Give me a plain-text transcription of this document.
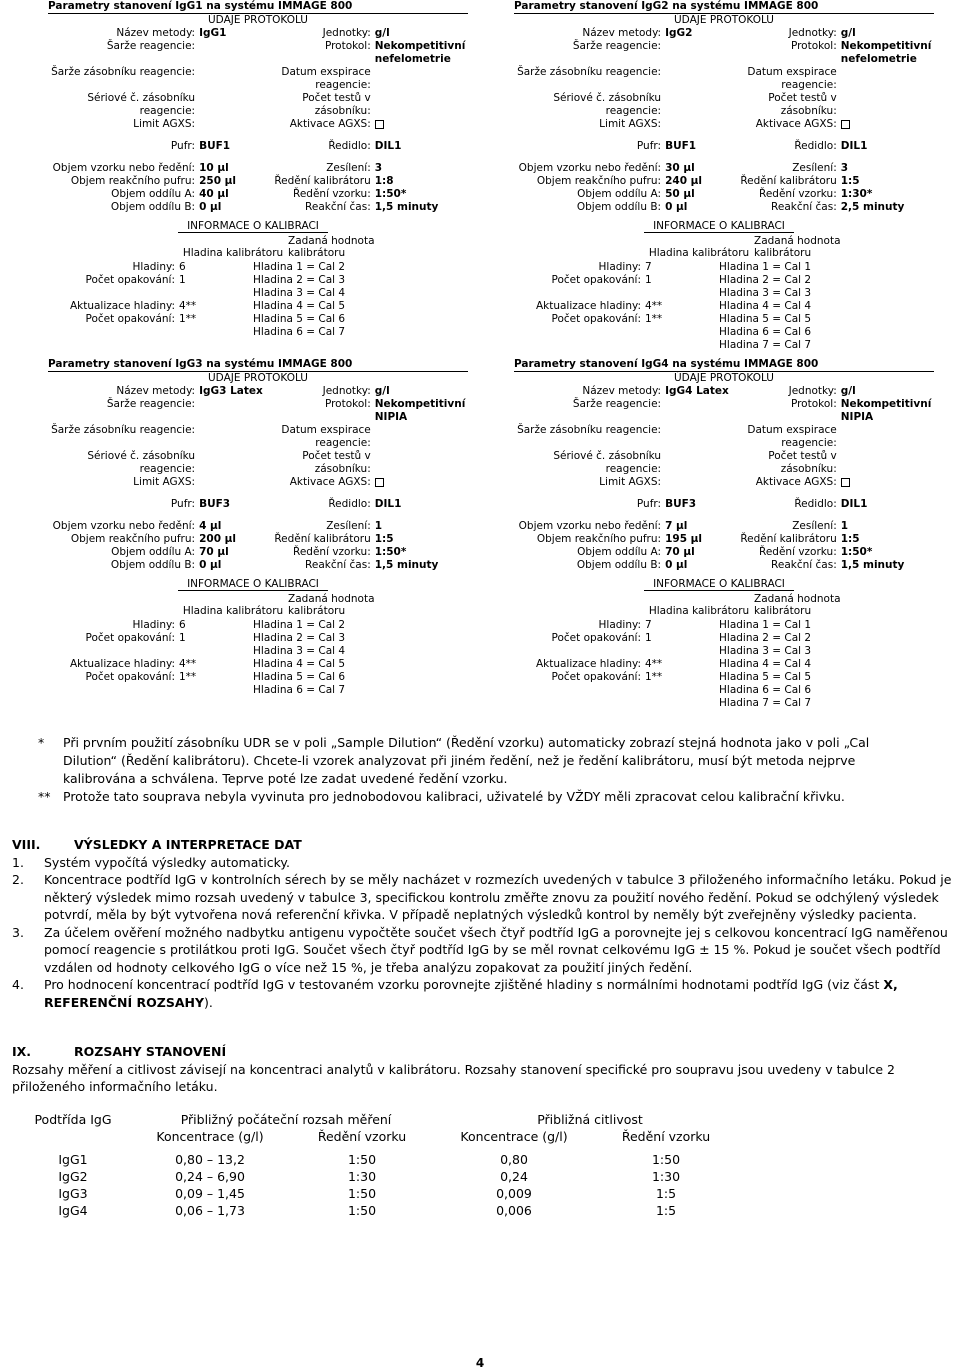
Parametry stanovení IgG1 na systému IMMAGE 800
ÚDAJE PROTOKOLU
Název metody:	IgG1	Jednotky:	g/l
Šarže reagencie:		Protokol:	Nekompetitivní nefelometrie
Šarže zásobníku reagencie:		Datum exspirace reagencie:	
Sériové č. zásobníku reagencie:		Počet testů v zásobníku:	
Limit AGXS:		Aktivace AGXS:	

Pufr:	BUF1	Ředidlo:	DIL1

Objem vzorku nebo ředění:	10 µl	Zesílení:	3
Objem reakčního pufru:	250 µl	Ředění kalibrátoru	1:8
Objem oddílu A:	40 µl	Ředění vzorku:	1:50*
Objem oddílu B:	0 µl	Reakční čas:	1,5 minuty
INFORMACE O KALIBRACI
Hladina kalibrátoru
Zadaná hodnota kalibrátoru
Hladiny:	6	Hladina 1 = Cal 2
Počet opakování:	1	Hladina 2 = Cal 3
		Hladina 3 = Cal 4
Aktualizace hladiny:	4**	Hladina 4 = Cal 5
Počet opakování:	1**	Hladina 5 = Cal 6
		Hladina 6 = Cal 7
Parametry stanovení IgG2 na systému IMMAGE 800
ÚDAJE PROTOKOLU
Název metody:	IgG2	Jednotky:	g/l
Šarže reagencie:		Protokol:	Nekompetitivní nefelometrie
Šarže zásobníku reagencie:		Datum exspirace reagencie:	
Sériové č. zásobníku reagencie:		Počet testů v zásobníku:	
Limit AGXS:		Aktivace AGXS:	

Pufr:	BUF1	Ředidlo:	DIL1

Objem vzorku nebo ředění:	30 µl	Zesílení:	3
Objem reakčního pufru:	240 µl	Ředění kalibrátoru	1:5
Objem oddílu A:	50 µl	Ředění vzorku:	1:30*
Objem oddílu B:	0 µl	Reakční čas:	2,5 minuty
INFORMACE O KALIBRACI
Hladina kalibrátoru
Zadaná hodnota kalibrátoru
Hladiny:	7	Hladina 1 = Cal 1
Počet opakování:	1	Hladina 2 = Cal 2
		Hladina 3 = Cal 3
Aktualizace hladiny:	4**	Hladina 4 = Cal 4
Počet opakování:	1**	Hladina 5 = Cal 5
		Hladina 6 = Cal 6
		Hladina 7 = Cal 7
Parametry stanovení IgG3 na systému IMMAGE 800
ÚDAJE PROTOKOLU
Název metody:	IgG3 Latex	Jednotky:	g/l
Šarže reagencie:		Protokol:	Nekompetitivní NIPIA
Šarže zásobníku reagencie:		Datum exspirace reagencie:	
Sériové č. zásobníku reagencie:		Počet testů v zásobníku:	
Limit AGXS:		Aktivace AGXS:	

Pufr:	BUF3	Ředidlo:	DIL1

Objem vzorku nebo ředění:	4 µl	Zesílení:	1
Objem reakčního pufru:	200 µl	Ředění kalibrátoru	1:5
Objem oddílu A:	70 µl	Ředění vzorku:	1:50*
Objem oddílu B:	0 µl	Reakční čas:	1,5 minuty
INFORMACE O KALIBRACI
Hladina kalibrátoru
Zadaná hodnota kalibrátoru
Hladiny:	6	Hladina 1 = Cal 2
Počet opakování:	1	Hladina 2 = Cal 3
		Hladina 3 = Cal 4
Aktualizace hladiny:	4**	Hladina 4 = Cal 5
Počet opakování:	1**	Hladina 5 = Cal 6
		Hladina 6 = Cal 7
Parametry stanovení IgG4 na systému IMMAGE 800
ÚDAJE PROTOKOLU
Název metody:	IgG4 Latex	Jednotky:	g/l
Šarže reagencie:		Protokol:	Nekompetitivní NIPIA
Šarže zásobníku reagencie:		Datum exspirace reagencie:	
Sériové č. zásobníku reagencie:		Počet testů v zásobníku:	
Limit AGXS:		Aktivace AGXS:	

Pufr:	BUF3	Ředidlo:	DIL1

Objem vzorku nebo ředění:	7 µl	Zesílení:	1
Objem reakčního pufru:	195 µl	Ředění kalibrátoru	1:5
Objem oddílu A:	70 µl	Ředění vzorku:	1:50*
Objem oddílu B:	0 µl	Reakční čas:	1,5 minuty
INFORMACE O KALIBRACI
Hladina kalibrátoru
Zadaná hodnota kalibrátoru
Hladiny:	7	Hladina 1 = Cal 1
Počet opakování:	1	Hladina 2 = Cal 2
		Hladina 3 = Cal 3
Aktualizace hladiny:	4**	Hladina 4 = Cal 4
Počet opakování:	1**	Hladina 5 = Cal 5
		Hladina 6 = Cal 6
		Hladina 7 = Cal 7
*	Při prvním použití zásobníku UDR se v poli „Sample Dilution“ (Ředění vzorku) automaticky zobrazí stejná hodnota jako v poli „Cal Dilution“ (Ředění kalibrátoru). Chcete-li vzorek analyzovat při jiném ředění, než je ředění kalibrátoru, musí být metoda nejprve kalibrována a schválena. Teprve poté lze zadat uvedené ředění vzorku.
**	Protože tato souprava nebyla vyvinuta pro jednobodovou kalibraci, uživatelé by VŽDY měli zpracovat celou kalibrační křivku.
VIII.	VÝSLEDKY A INTERPRETACE DAT
1.	Systém vypočítá výsledky automaticky.
2.	Koncentrace podtříd IgG v kontrolních sérech by se měly nacházet v rozmezích uvedených v tabulce 3 přiloženého informačního letáku. Pokud je některý výsledek mimo rozsah uvedený v tabulce 3, specifickou kontrolu změřte znovu za použití nového ředění. Pokud se odchýlený výsledek potvrdí, měla by být vytvořena nová referenční křivka. V případě neplatných výsledků kontrol by neměly být zveřejněny výsledky pacienta.
3.	Za účelem ověření možného nadbytku antigenu vypočtěte součet všech čtyř podtříd IgG a porovnejte jej s celkovou koncentrací IgG naměřenou pomocí reagencie s protilátkou proti IgG. Součet všech čtyř podtříd IgG by se měl rovnat celkovému IgG ± 15 %. Pokud je součet všech podtříd vzdálen od hodnoty celkového IgG o více než 15 %, je třeba analýzu zopakovat za použití jiných ředění.
4.	Pro hodnocení koncentrací podtříd IgG v testovaném vzorku porovnejte zjištěné hladiny s normálními hodnotami podtříd IgG (viz část X, REFERENČNÍ ROZSAHY).
IX.	ROZSAHY STANOVENÍ
Rozsahy měření a citlivost závisejí na koncentraci analytů v kalibrátoru. Rozsahy stanovení specifické pro soupravu jsou uvedeny v tabulce 2 přiloženého informačního letáku.
Podtřída IgG	Přibližný počáteční rozsah měření		Přibližná citlivost	
	Koncentrace (g/l)	Ředění vzorku	Koncentrace (g/l)	Ředění vzorku

IgG1	0,80 – 13,2	1:50	0,80	1:50
IgG2	0,24 – 6,90	1:30	0,24	1:30
IgG3	0,09 – 1,45	1:50	0,009	1:5
IgG4	0,06 – 1,73	1:50	0,006	1:5
4
